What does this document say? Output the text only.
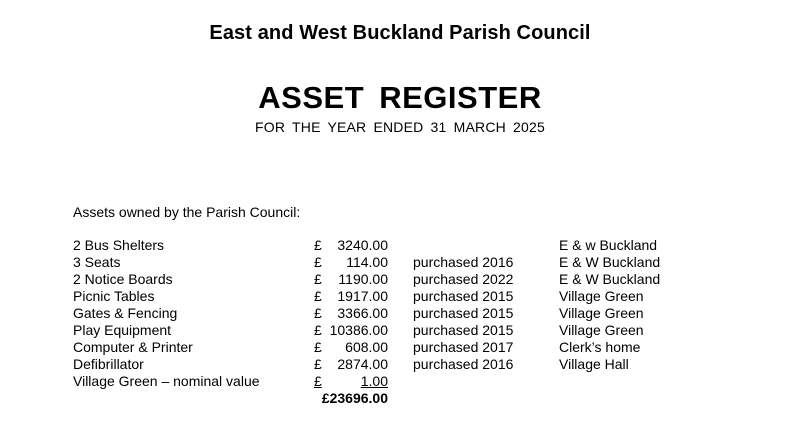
East and West Buckland Parish Council
ASSET REGISTER
FOR THE YEAR ENDED 31 MARCH 2025
Assets owned by the Parish Council:
2 Bus Shelters	£ 3240.00	E & w Buckland
3 Seats	£ 114.00 purchased 2016	E & W Buckland
2 Notice Boards	£ 1190.00 purchased 2022	E & W Buckland
Picnic Tables	£ 1917.00 purchased 2015	Village Green
Gates & Fencing	£ 3366.00 purchased 2015	Village Green
Play Equipment	£ 10386.00 purchased 2015	Village Green
Computer & Printer	£ 608.00 purchased 2017	Clerk’s home
Defibrillator	£ 2874.00 purchased 2016	Village Hall
Village Green – nominal value	£	1.00
£23696.00
